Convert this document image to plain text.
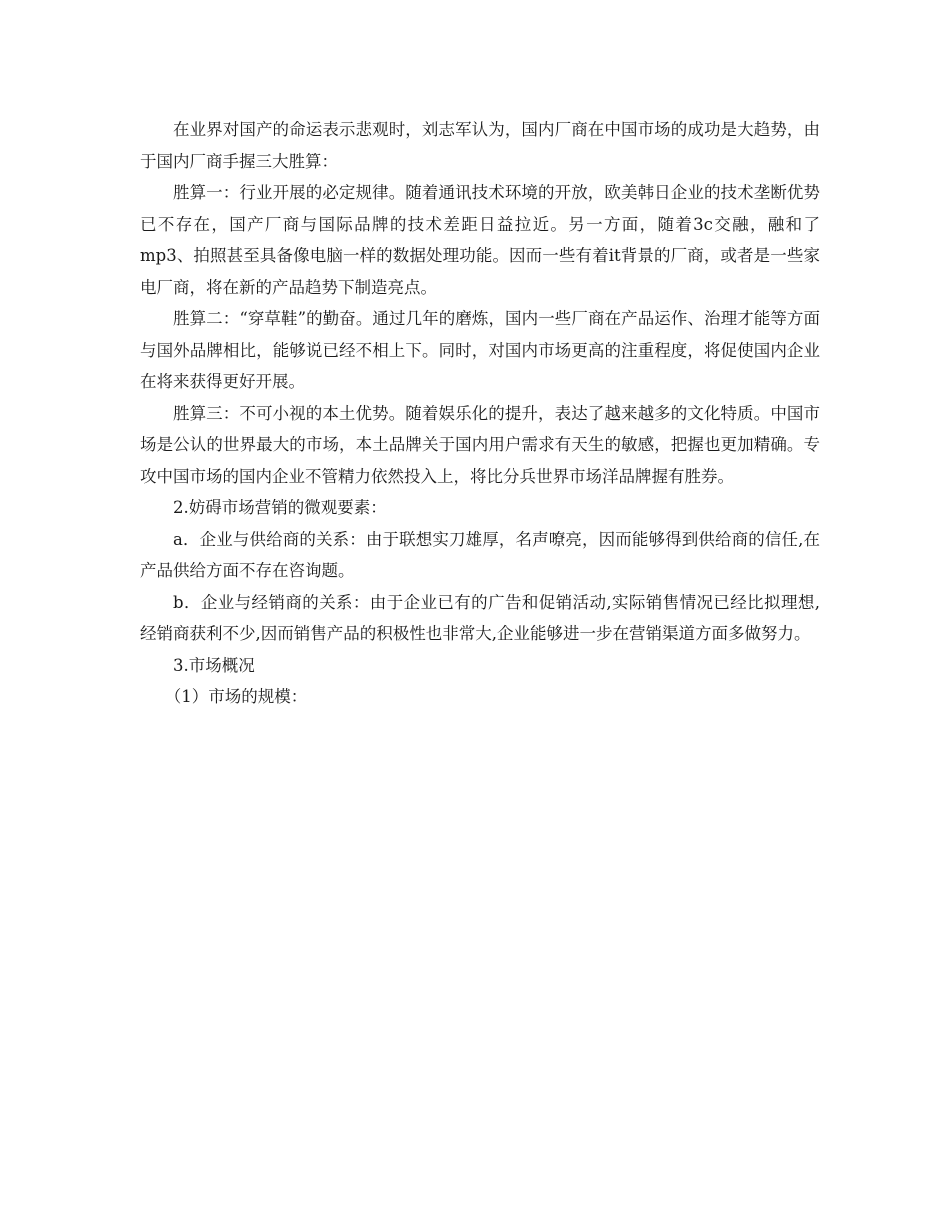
在业界对国产的命运表示悲观时，刘志军认为，国内厂商在中国市场的成功是大趋势，由于国内厂商手握三大胜算：

胜算一：行业开展的必定规律。随着通讯技术环境的开放，欧美韩日企业的技术垄断优势已不存在，国产厂商与国际品牌的技术差距日益拉近。另一方面，随着3c交融，融和了mp3、拍照甚至具备像电脑一样的数据处理功能。因而一些有着it背景的厂商，或者是一些家电厂商，将在新的产品趋势下制造亮点。

胜算二：“穿草鞋”的勤奋。通过几年的磨炼，国内一些厂商在产品运作、治理才能等方面与国外品牌相比，能够说已经不相上下。同时，对国内市场更高的注重程度，将促使国内企业在将来获得更好开展。

胜算三：不可小视的本土优势。随着娱乐化的提升，表达了越来越多的文化特质。中国市场是公认的世界最大的市场，本土品牌关于国内用户需求有天生的敏感，把握也更加精确。专攻中国市场的国内企业不管精力依然投入上，将比分兵世界市场洋品牌握有胜券。

2.妨碍市场营销的微观要素：

a．企业与供给商的关系：由于联想实刀雄厚，名声嘹亮，因而能够得到供给商的信任,在产品供给方面不存在咨询题。

b．企业与经销商的关系：由于企业已有的广告和促销活动,实际销售情况已经比拟理想,经销商获利不少,因而销售产品的积极性也非常大,企业能够进一步在营销渠道方面多做努力。

3.市场概况

（1）市场的规模：
